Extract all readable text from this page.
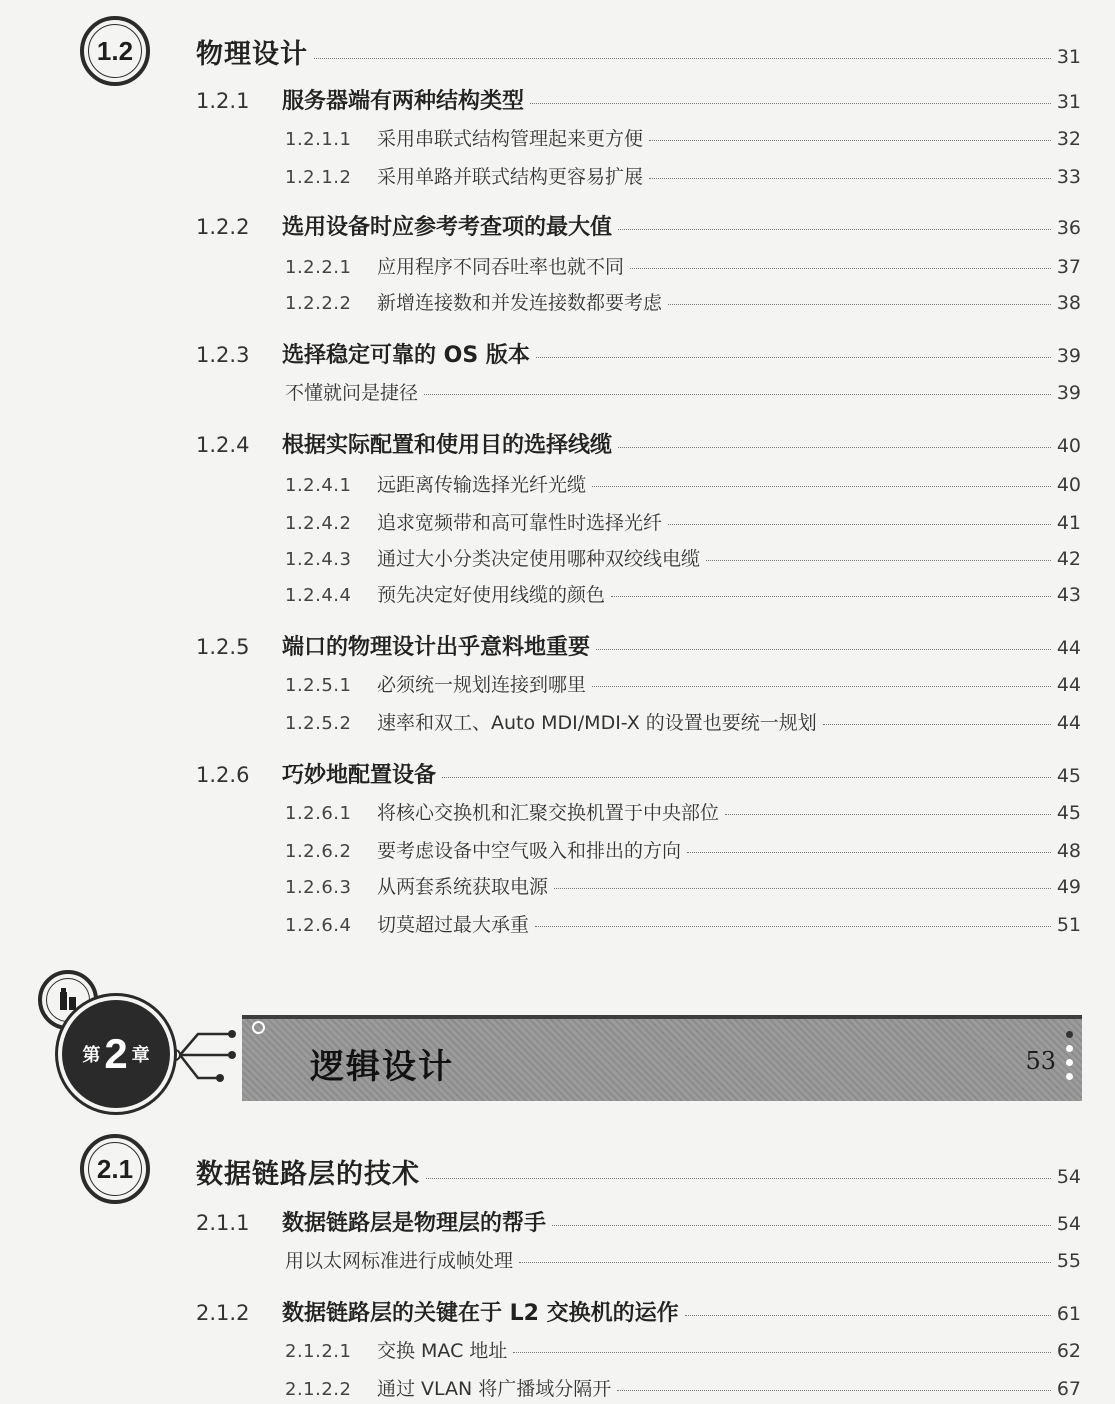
1.2 物理设计	31
1.2.1	服务器端有两种结构类型	31
1.2.1.1	采用串联式结构管理起来更方便	32
1.2.1.2	采用单路并联式结构更容易扩展	33
1.2.2	选用设备时应参考考查项的最大值	36
1.2.2.1	应用程序不同吞吐率也就不同	37
1.2.2.2	新增连接数和并发连接数都要考虑	38
1.2.3	选择稳定可靠的 OS 版本	39
不懂就问是捷径	39
1.2.4	根据实际配置和使用目的选择线缆	40
1.2.4.1	远距离传输选择光纤光缆	40
1.2.4.2	追求宽频带和高可靠性时选择光纤	41
1.2.4.3	通过大小分类决定使用哪种双绞线电缆	42
1.2.4.4	预先决定好使用线缆的颜色	43
1.2.5	端口的物理设计出乎意料地重要	44
1.2.5.1	必须统一规划连接到哪里	44
1.2.5.2	速率和双工、Auto MDI/MDI-X 的设置也要统一规划	44
1.2.6	巧妙地配置设备	45
1.2.6.1	将核心交换机和汇聚交换机置于中央部位	45
1.2.6.2	要考虑设备中空气吸入和排出的方向	48
1.2.6.3	从两套系统获取电源	49
1.2.6.4	切莫超过最大承重	51
第 2 章	逻辑设计	53
2.1 数据链路层的技术	54
2.1.1	数据链路层是物理层的帮手	54
用以太网标准进行成帧处理	55
2.1.2	数据链路层的关键在于 L2 交换机的运作	61
2.1.2.1	交换 MAC 地址	62
2.1.2.2	通过 VLAN 将广播域分隔开	67
